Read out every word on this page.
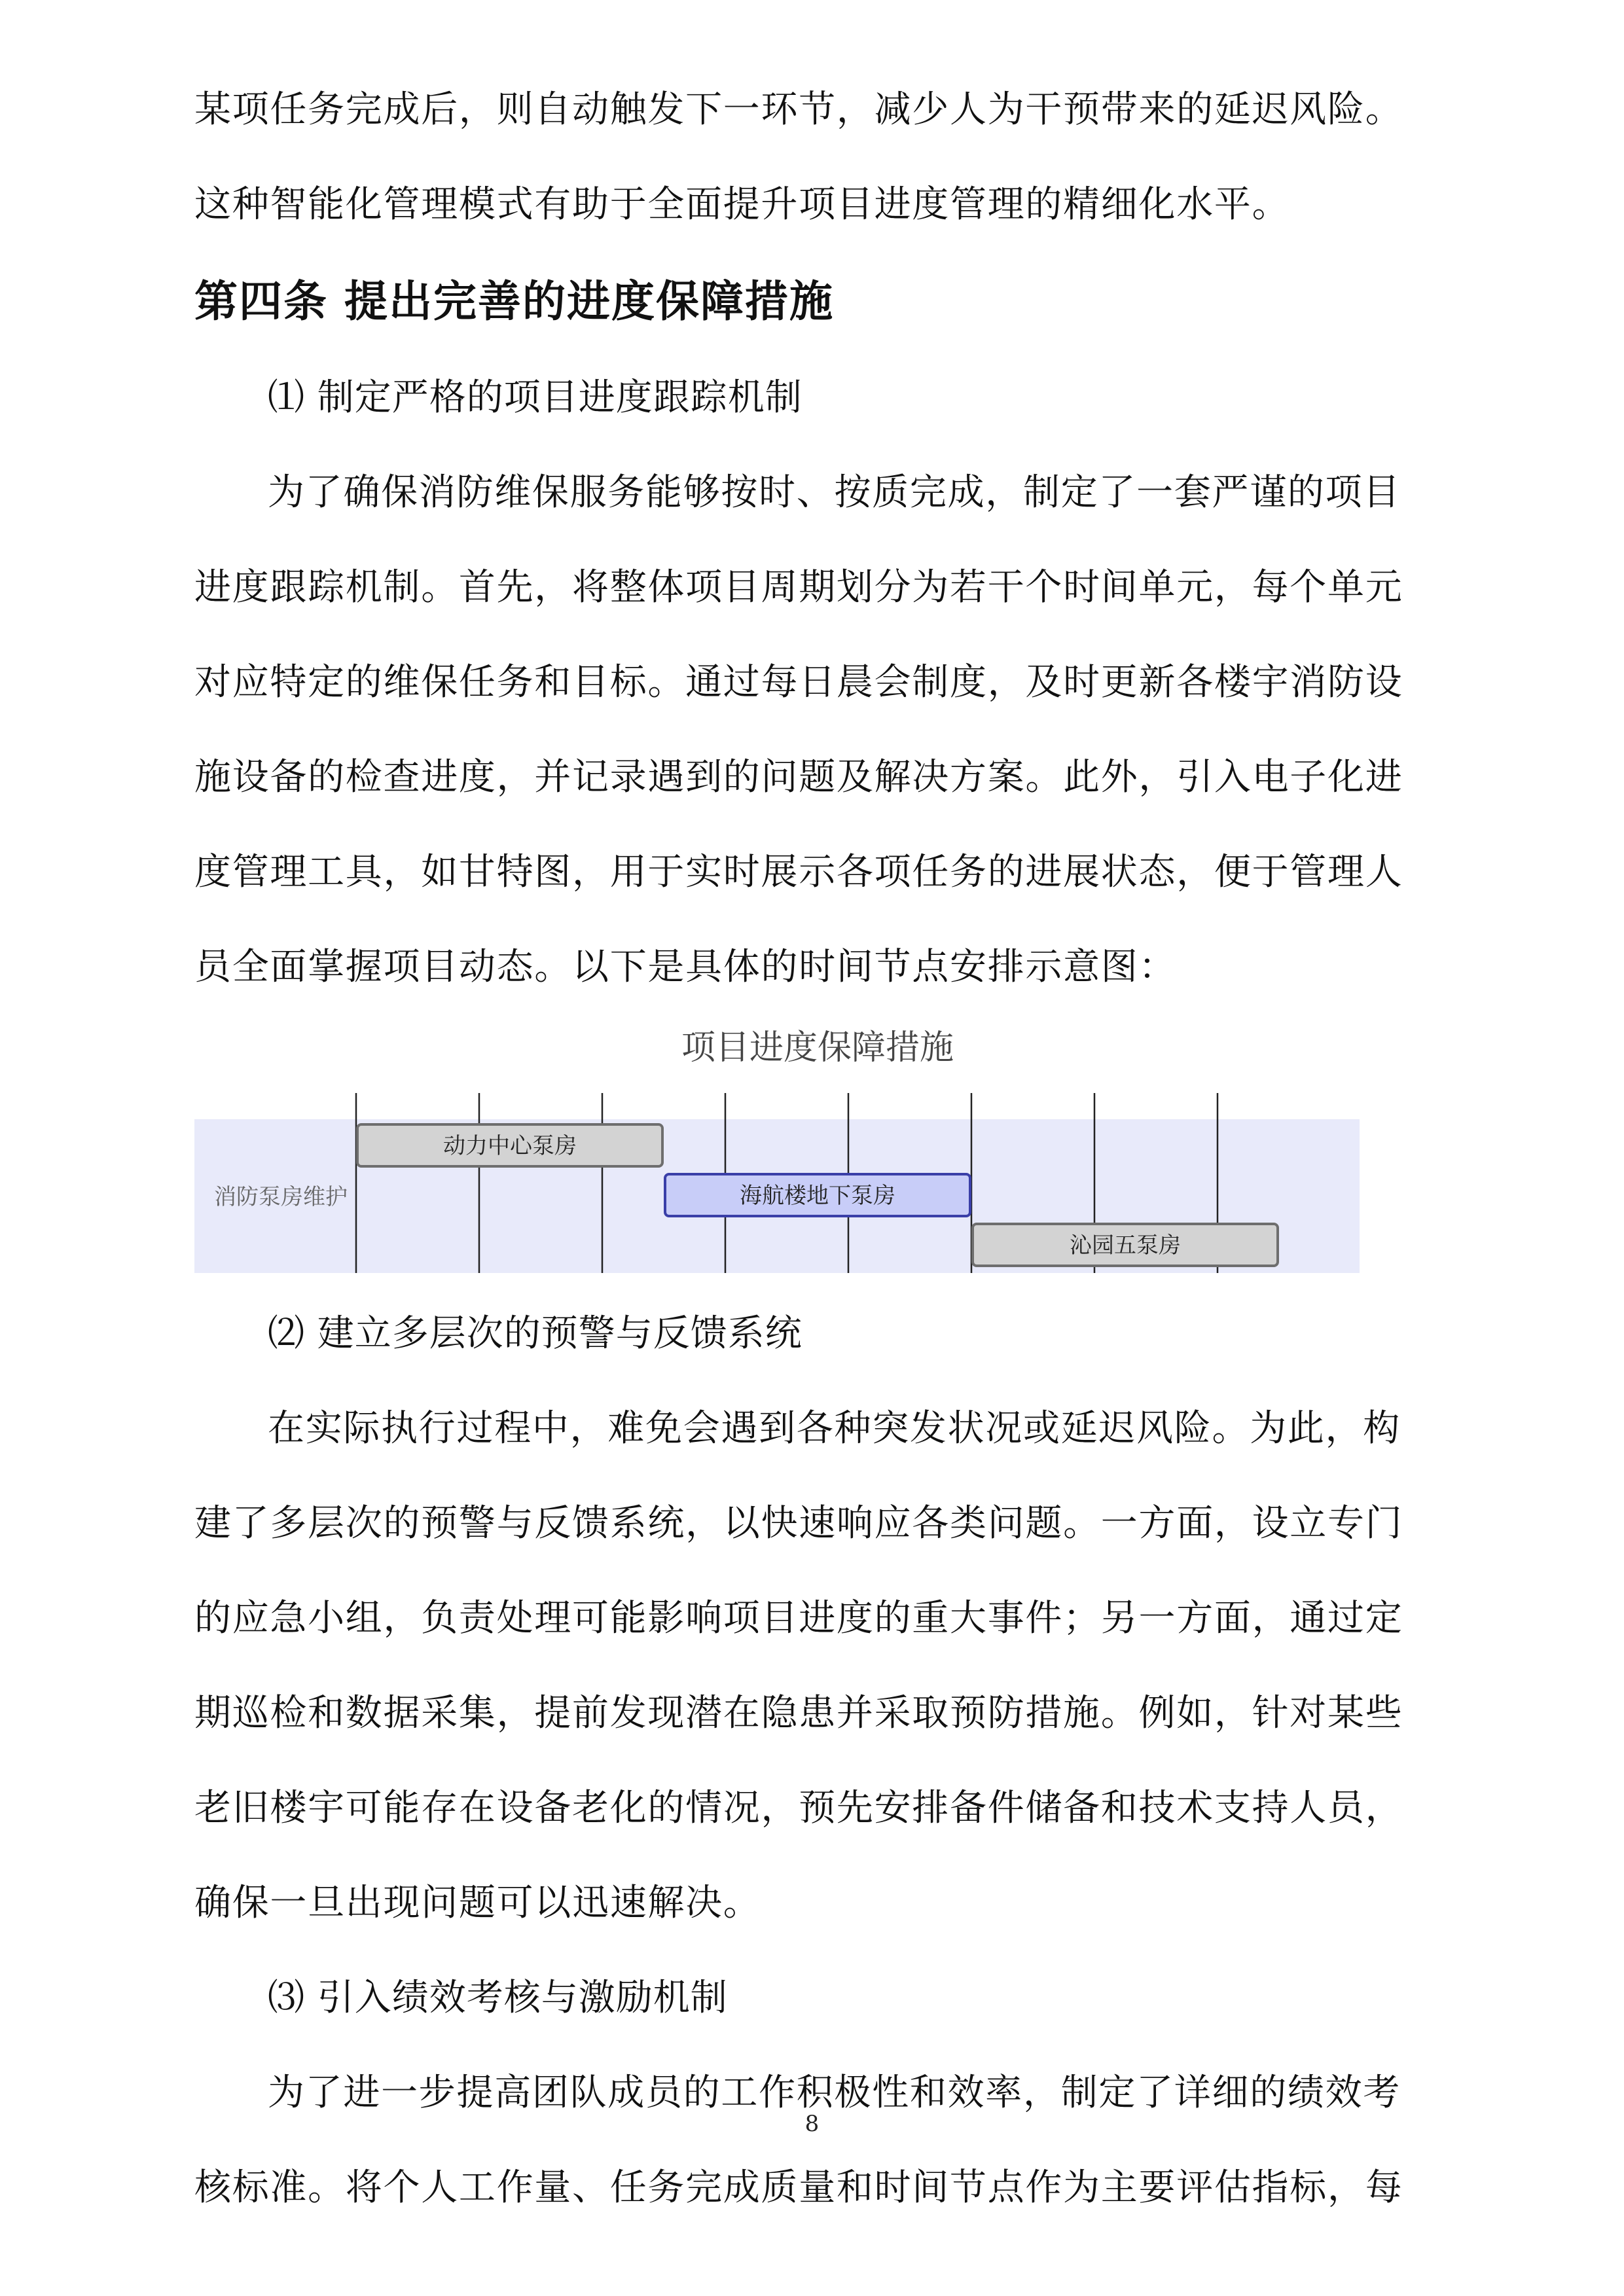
某项任务完成后，则自动触发下一环节，减少人为干预带来的延迟风险。
这种智能化管理模式有助于全面提升项目进度管理的精细化水平。

第四条 提出完善的进度保障措施

⑴ 制定严格的项目进度跟踪机制

为了确保消防维保服务能够按时、按质完成，制定了一套严谨的项目
进度跟踪机制。首先，将整体项目周期划分为若干个时间单元，每个单元
对应特定的维保任务和目标。通过每日晨会制度，及时更新各楼宇消防设
施设备的检查进度，并记录遇到的问题及解决方案。此外，引入电子化进
度管理工具，如甘特图，用于实时展示各项任务的进展状态，便于管理人
员全面掌握项目动态。以下是具体的时间节点安排示意图：

项目进度保障措施
消防泵房维护
动力中心泵房
海航楼地下泵房
沁园五泵房

⑵ 建立多层次的预警与反馈系统

在实际执行过程中，难免会遇到各种突发状况或延迟风险。为此，构
建了多层次的预警与反馈系统，以快速响应各类问题。一方面，设立专门
的应急小组，负责处理可能影响项目进度的重大事件；另一方面，通过定
期巡检和数据采集，提前发现潜在隐患并采取预防措施。例如，针对某些
老旧楼宇可能存在设备老化的情况，预先安排备件储备和技术支持人员，
确保一旦出现问题可以迅速解决。

⑶ 引入绩效考核与激励机制

为了进一步提高团队成员的工作积极性和效率，制定了详细的绩效考
核标准。将个人工作量、任务完成质量和时间节点作为主要评估指标，每

8
